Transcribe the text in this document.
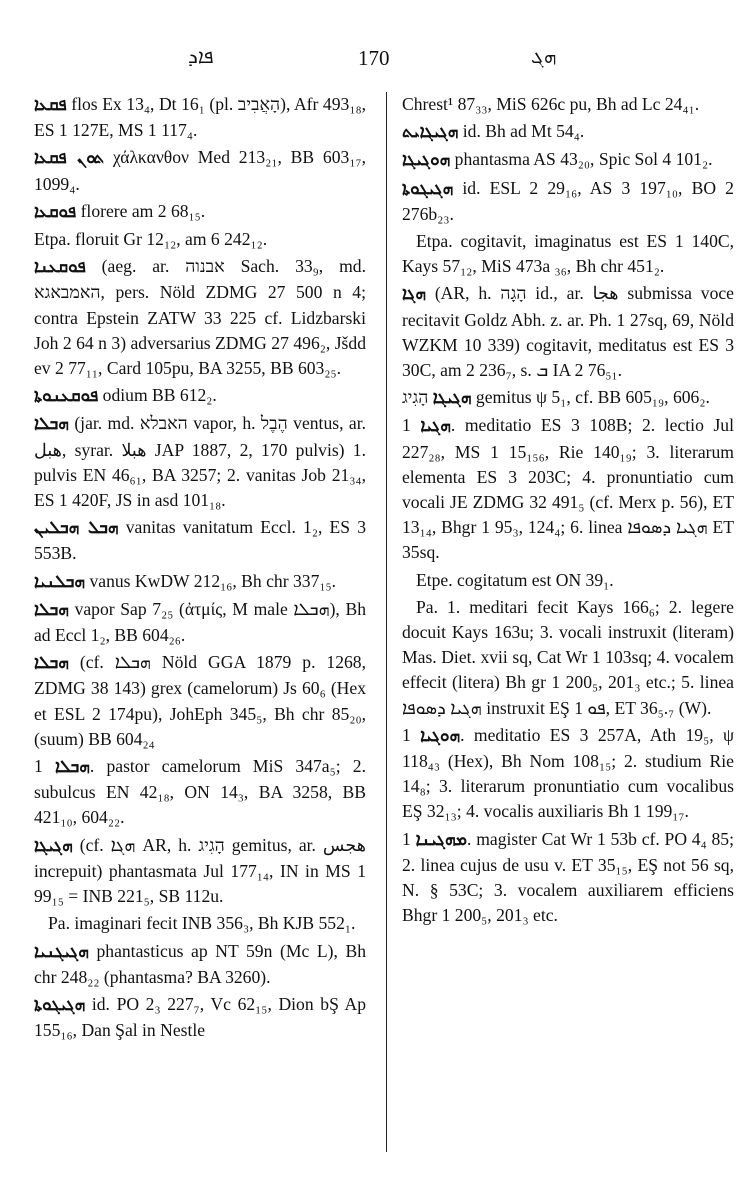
ܦܐܕ	170	ܗܓ

ܦܩܥܐ flos Ex 13₄, Dt 16₁ (pl. הָאֲבִיב), Afr 493₁₈, ES 1 127E, MS 1 117₄.

ܬܘܢ ܦܩܥܐ χάλκανθον Med 213₂₁, BB 603₁₇, 1099₄.

ܦܘܩܥܐ florere am 2 68₁₅.

Etpa. floruit Gr 12₁₂, am 6 242₁₂.

ܦܘܩܥܢܐ (aeg. ar. אבנוה Sach. 33₉, md. האמבאגא, pers. Nöld ZDMG 27 500 n 4; contra Epstein ZATW 33 225 cf. Lidzbarski Joh 2 64 n 3) adversarius ZDMG 27 496₂, Jšdd ev 2 77₁₁, Card 105pu, BA 3255, BB 603₂₅.

ܦܘܩܥܢܘܬܐ odium BB 612₂.

ܗܒܠܐ (jar. md. האבלא vapor, h. הֶבֶל ventus, ar. هبل, syrar. هبلا JAP 1887, 2, 170 pulvis) 1. pulvis EN 46₆₁, BA 3257; 2. vanitas Job 21₃₄, ES 1 420F, JS in asd 101₁₈.

ܗܒܠ ܗܒܠܝܢ vanitas vanitatum Eccl. 1₂, ES 3 553B.

ܗܒܠܢܝܐ vanus KwDW 212₁₆, Bh chr 337₁₅.

ܗܒܠܐ vapor Sap 7₂₅ (ἀτμίς, M male ܗܒܠܐ), Bh ad Eccl 1₂, BB 604₂₆.

ܗܒܠܐ (cf. ܗܒܠܐ Nöld GGA 1879 p. 1268, ZDMG 38 143) grex (camelorum) Js 60₆ (Hex et ESL 2 174pu), JohEph 345₅, Bh chr 85₂₀, (suum) BB 604₂₄

ܗܒܠܐ 1. pastor camelorum MiS 347a₅; 2. subulcus EN 42₁₈, ON 14₃, BA 3258, BB 421₁₀, 604₂₂.

ܗܓܝܓܐ (cf. ܗܓܐ AR, h. הָגִיג gemitus, ar. هجس increpuit) phantasmata Jul 177₁₄, IN in MS 1 99₁₅ = INB 221₅, SB 112u.

Pa. imaginari fecit INB 356₃, Bh KJB 552₁.

ܗܓܝܓܢܝܐ phantasticus ap NT 59n (Mc L), Bh chr 248₂₂ (phantasma? BA 3260).

ܗܓܝܓܘܬܐ id. PO 2₃ 227₇, Vc 62₁₅, Dion bŞ Ap 155₁₆, Dan Şal in Nestle

Chrest¹ 87₃₃, MiS 626c pu, Bh ad Lc 24₄₁.

ܗܓܝܓܐܝܬ id. Bh ad Mt 54₄.

ܗܘܓܝܓܐ phantasma AS 43₂₀, Spic Sol 4 101₂.

ܗܓܝܓܘܬܐ id. ESL 2 29₁₆, AS 3 197₁₀, BO 2 276b₂₃.

Etpa. cogitavit, imaginatus est ES 1 140C, Kays 57₁₂, MiS 473a ₃₆, Bh chr 451₂.

ܗܓܐ (AR, h. הָגָה id., ar. هجا submissa voce recitavit Goldz Abh. z. ar. Ph. 1 27sq, 69, Nöld WZKM 10 339) cogitavit, meditatus est ES 3 30C, am 2 236₇, s. ܒ IA 2 76₅₁.

ܗܓܝܓܐ הָגִיג gemitus ψ 5₁, cf. BB 605₁₉, 606₂.

ܗܓܝܐ 1. meditatio ES 3 108B; 2. lectio Jul 227₂₈, MS 1 15₁₅₆, Rie 140₁₉; 3. literarum elementa ES 3 203C; 4. pronuntiatio cum vocali JE ZDMG 32 491₅ (cf. Merx p. 56), ET 13₁₄, Bhgr 1 95₃, 124₄; 6. linea ܗܓܝܐ ܕܣܘܦܐ ET 35sq.

Etpe. cogitatum est ON 39₁.

Pa. 1. meditari fecit Kays 166₆; 2. legere docuit Kays 163u; 3. vocali instruxit (literam) Mas. Diet. xvii sq, Cat Wr 1 103sq; 4. vocalem effecit (litera) Bh gr 1 200₅, 201₃ etc.; 5. linea ܗܓܝܐ ܕܣܘܦܐ instruxit EŞ ܦܘ 1, ET 36₅.₇ (W).

ܗܘܓܝܐ 1. meditatio ES 3 257A, Ath 19₅, ψ 118₄₃ (Hex), Bh Nom 108₁₅; 2. studium Rie 14₈; 3. literarum pronuntiatio cum vocalibus EŞ 32₁₃; 4. vocalis auxiliaris Bh 1 199₁₇.

ܡܗܓܝܢܐ 1. magister Cat Wr 1 53b cf. PO 4₄ 85; 2. linea cujus de usu v. ET 35₁₅, EŞ not 56 sq, N. § 53C; 3. vocalem auxiliarem efficiens Bhgr 1 200₅, 201₃ etc.
